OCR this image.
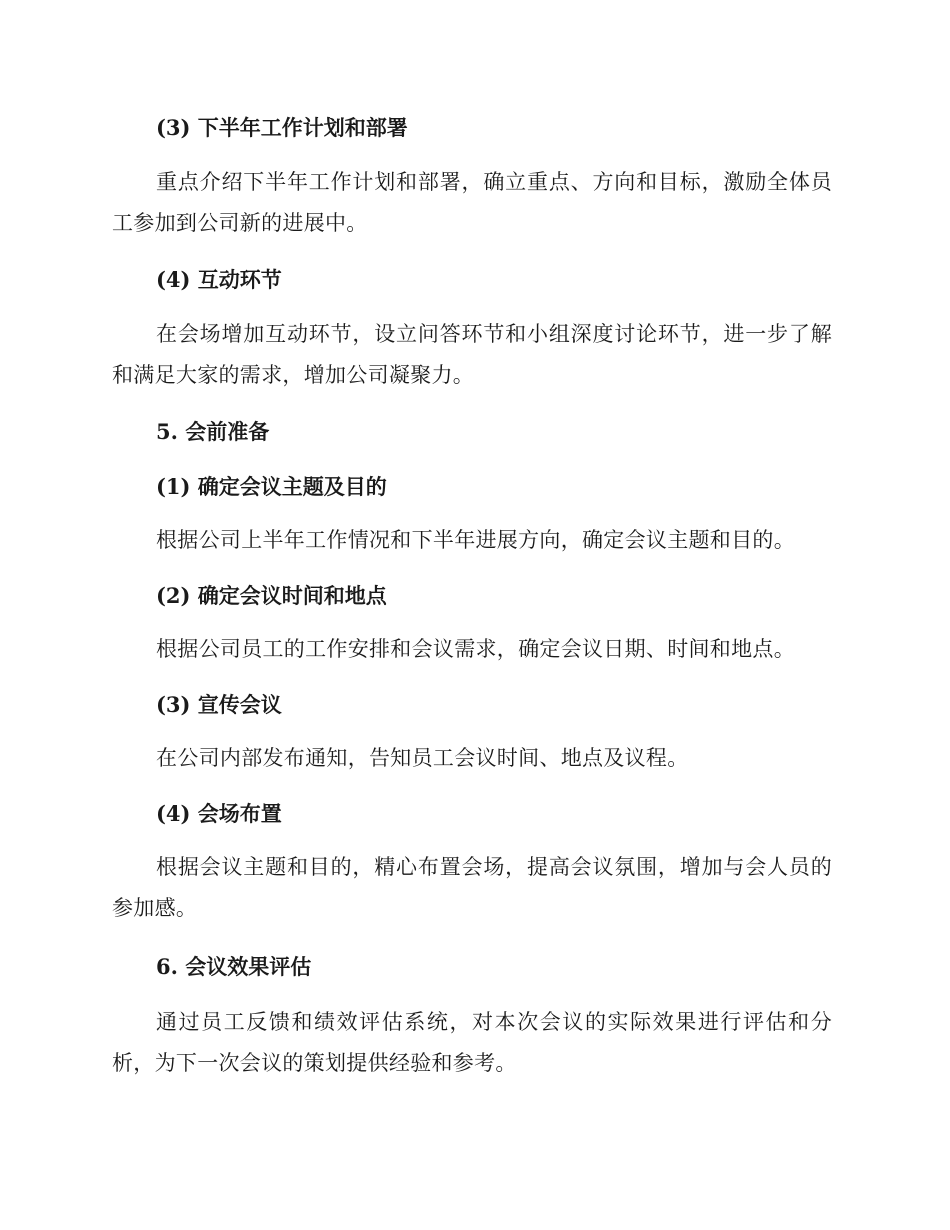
(3) 下半年工作计划和部署
重点介绍下半年工作计划和部署，确立重点、方向和目标，激励全体员工参加到公司新的进展中。
(4) 互动环节
在会场增加互动环节，设立问答环节和小组深度讨论环节，进一步了解和满足大家的需求，增加公司凝聚力。
5. 会前准备
(1) 确定会议主题及目的
根据公司上半年工作情况和下半年进展方向，确定会议主题和目的。
(2) 确定会议时间和地点
根据公司员工的工作安排和会议需求，确定会议日期、时间和地点。
(3) 宣传会议
在公司内部发布通知，告知员工会议时间、地点及议程。
(4) 会场布置
根据会议主题和目的，精心布置会场，提高会议氛围，增加与会人员的参加感。
6. 会议效果评估
通过员工反馈和绩效评估系统，对本次会议的实际效果进行评估和分析，为下一次会议的策划提供经验和参考。
